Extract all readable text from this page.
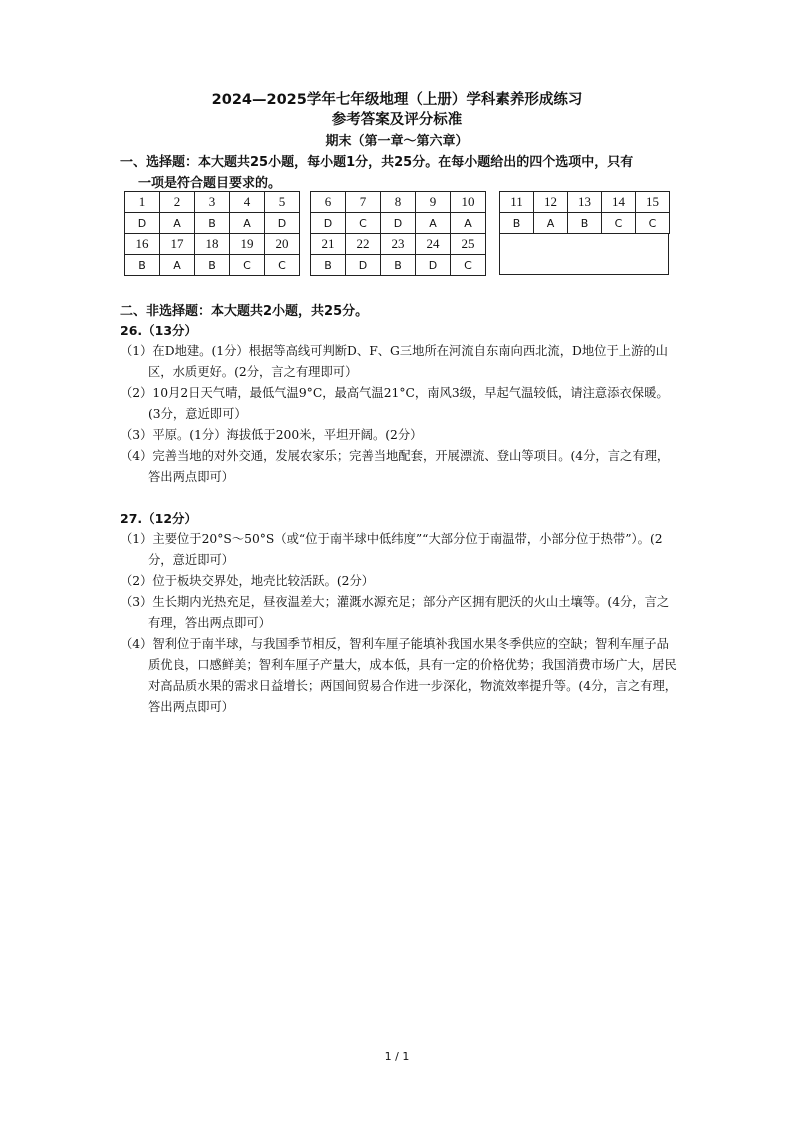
2024—2025学年七年级地理（上册）学科素养形成练习
参考答案及评分标准
期末（第一章～第六章）
一、选择题：本大题共25小题，每小题1分，共25分。在每小题给出的四个选项中，只有
一项是符合题目要求的。
1	2	3	4	5
D	A	B	A	D
6	7	8	9	10
D	C	D	A	A
11	12	13	14	15
B	A	B	C	C
16	17	18	19	20
B	A	B	C	C
21	22	23	24	25
B	D	B	D	C
二、非选择题：本大题共2小题，共25分。
26.（13分）
（1）在D地建。(1分）根据等高线可判断D、F、G三地所在河流自东南向西北流，D地位于上游的山区，水质更好。(2分，言之有理即可）
（2）10月2日天气晴，最低气温9°C，最高气温21°C，南风3级，早起气温较低，请注意添衣保暖。(3分，意近即可）
（3）平原。(1分）海拔低于200米，平坦开阔。(2分）
（4）完善当地的对外交通，发展农家乐；完善当地配套，开展漂流、登山等项目。(4分，言之有理，答出两点即可）
27.（12分）
（1）主要位于20°S～50°S（或“位于南半球中低纬度”“大部分位于南温带，小部分位于热带”）。(2分，意近即可）
（2）位于板块交界处，地壳比较活跃。(2分）
（3）生长期内光热充足，昼夜温差大；灌溉水源充足；部分产区拥有肥沃的火山土壤等。(4分，言之有理，答出两点即可）
（4）智利位于南半球，与我国季节相反，智利车厘子能填补我国水果冬季供应的空缺；智利车厘子品质优良，口感鲜美；智利车厘子产量大，成本低，具有一定的价格优势；我国消费市场广大，居民对高品质水果的需求日益增长；两国间贸易合作进一步深化，物流效率提升等。(4分，言之有理，答出两点即可）
1 / 1
